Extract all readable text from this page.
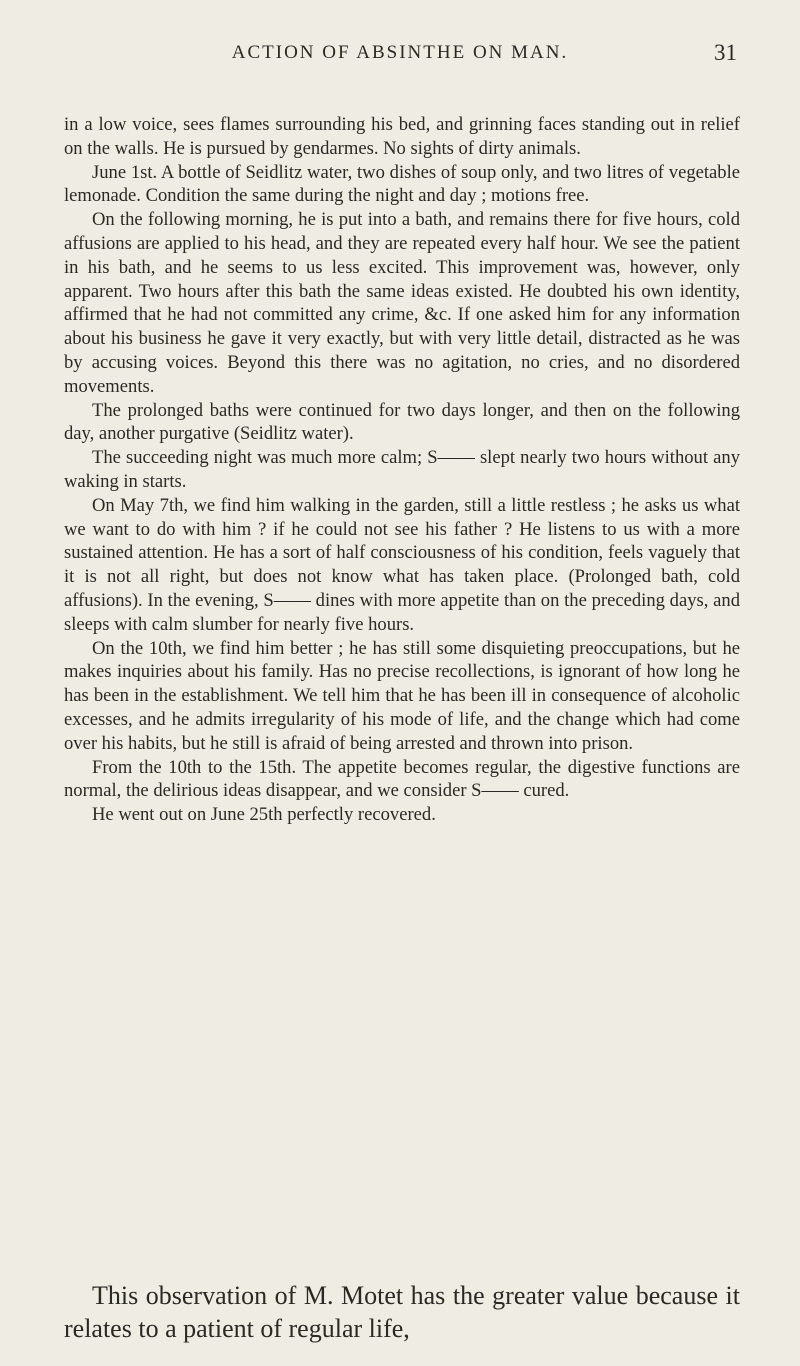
ACTION OF ABSINTHE ON MAN.	31

in a low voice, sees flames surrounding his bed, and grinning faces standing out in relief on the walls. He is pursued by gendarmes. No sights of dirty animals.

June 1st. A bottle of Seidlitz water, two dishes of soup only, and two litres of vegetable lemonade. Condition the same during the night and day ; motions free.

On the following morning, he is put into a bath, and remains there for five hours, cold affusions are applied to his head, and they are repeated every half hour. We see the patient in his bath, and he seems to us less excited. This improvement was, however, only apparent. Two hours after this bath the same ideas existed. He doubted his own identity, affirmed that he had not committed any crime, &c. If one asked him for any information about his business he gave it very exactly, but with very little detail, distracted as he was by accusing voices. Beyond this there was no agitation, no cries, and no disordered movements.

The prolonged baths were continued for two days longer, and then on the following day, another purgative (Seidlitz water).

The succeeding night was much more calm; S—— slept nearly two hours without any waking in starts.

On May 7th, we find him walking in the garden, still a little restless ; he asks us what we want to do with him ? if he could not see his father ? He listens to us with a more sustained attention. He has a sort of half consciousness of his condition, feels vaguely that it is not all right, but does not know what has taken place. (Prolonged bath, cold affusions). In the evening, S—— dines with more appetite than on the preceding days, and sleeps with calm slumber for nearly five hours.

On the 10th, we find him better ; he has still some disquieting preoccupations, but he makes inquiries about his family. Has no precise recollections, is ignorant of how long he has been in the establishment. We tell him that he has been ill in consequence of alcoholic excesses, and he admits irregularity of his mode of life, and the change which had come over his habits, but he still is afraid of being arrested and thrown into prison.

From the 10th to the 15th. The appetite becomes regular, the digestive functions are normal, the delirious ideas disappear, and we consider S—— cured.

He went out on June 25th perfectly recovered.

This observation of M. Motet has the greater value because it relates to a patient of regular life,
